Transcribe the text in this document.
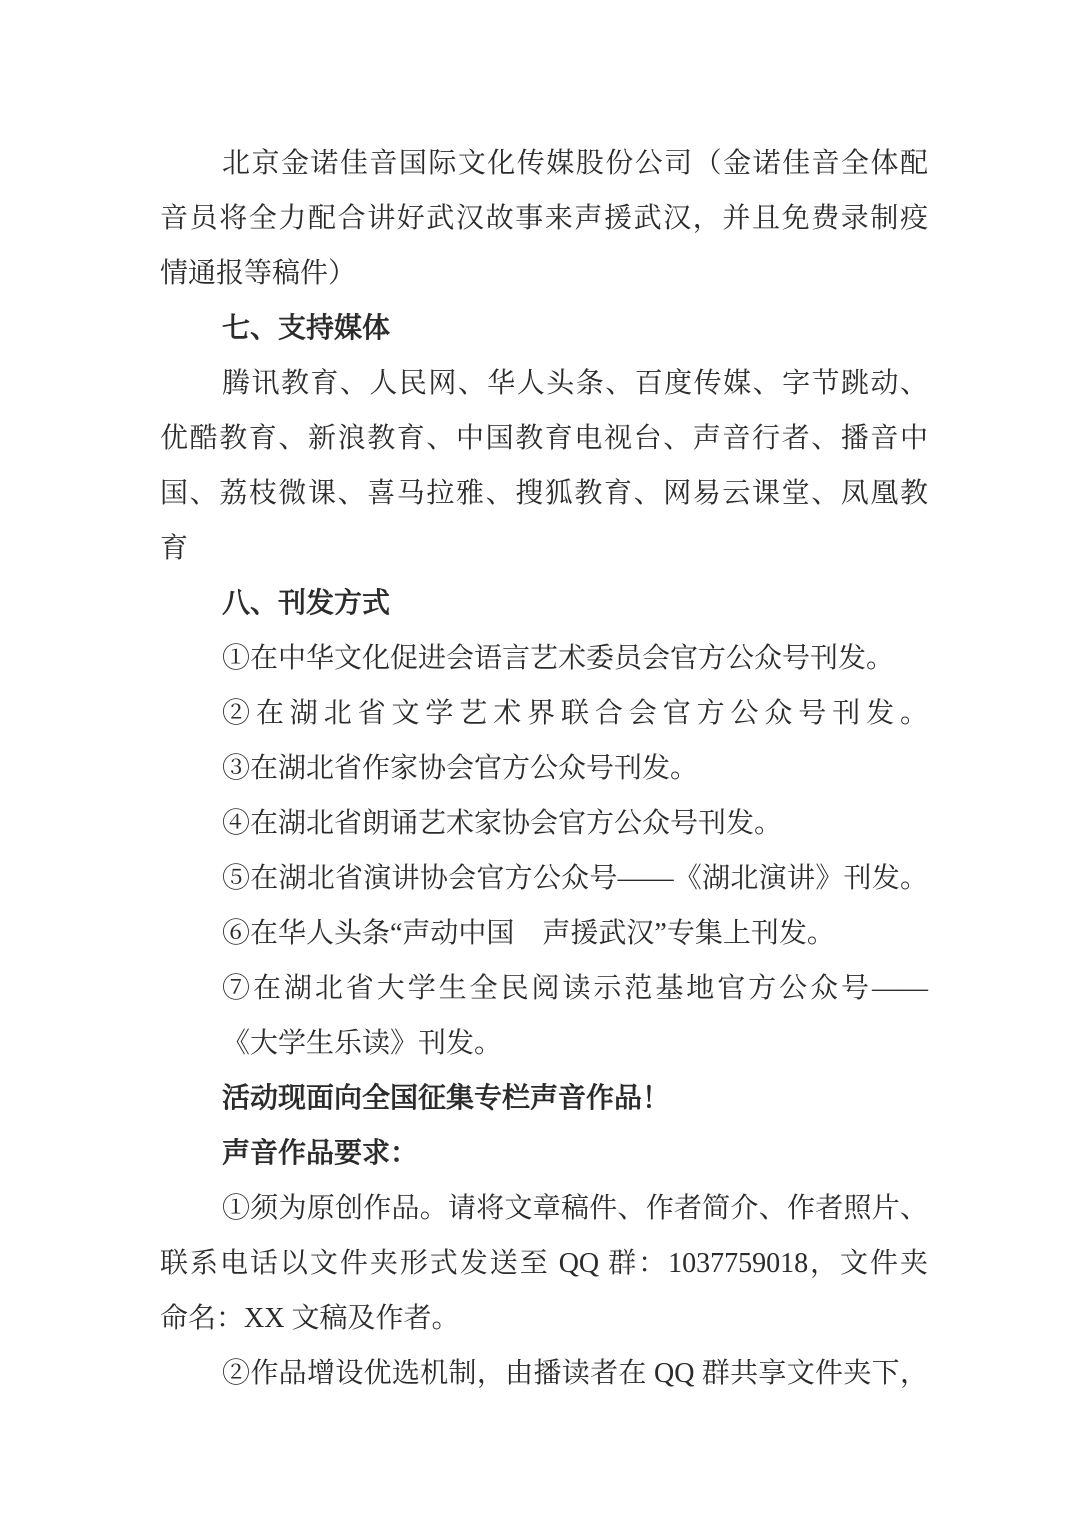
北京金诺佳音国际文化传媒股份公司（金诺佳音全体配
音员将全力配合讲好武汉故事来声援武汉，并且免费录制疫
情通报等稿件）
七、支持媒体
腾讯教育、人民网、华人头条、百度传媒、字节跳动、
优酷教育、新浪教育、中国教育电视台、声音行者、播音中
国、荔枝微课、喜马拉雅、搜狐教育、网易云课堂、凤凰教
育
八、刊发方式
①在中华文化促进会语言艺术委员会官方公众号刊发。
②在湖北省文学艺术界联合会官方公众号刊发。
③在湖北省作家协会官方公众号刊发。
④在湖北省朗诵艺术家协会官方公众号刊发。
⑤在湖北省演讲协会官方公众号——《湖北演讲》刊发。
⑥在华人头条“声动中国　声援武汉”专集上刊发。
⑦在湖北省大学生全民阅读示范基地官方公众号——
《大学生乐读》刊发。
活动现面向全国征集专栏声音作品！
声音作品要求：
①须为原创作品。请将文章稿件、作者简介、作者照片、
联系电话以文件夹形式发送至 QQ 群：1037759018，文件夹
命名：XX 文稿及作者。
②作品增设优选机制，由播读者在 QQ 群共享文件夹下，
